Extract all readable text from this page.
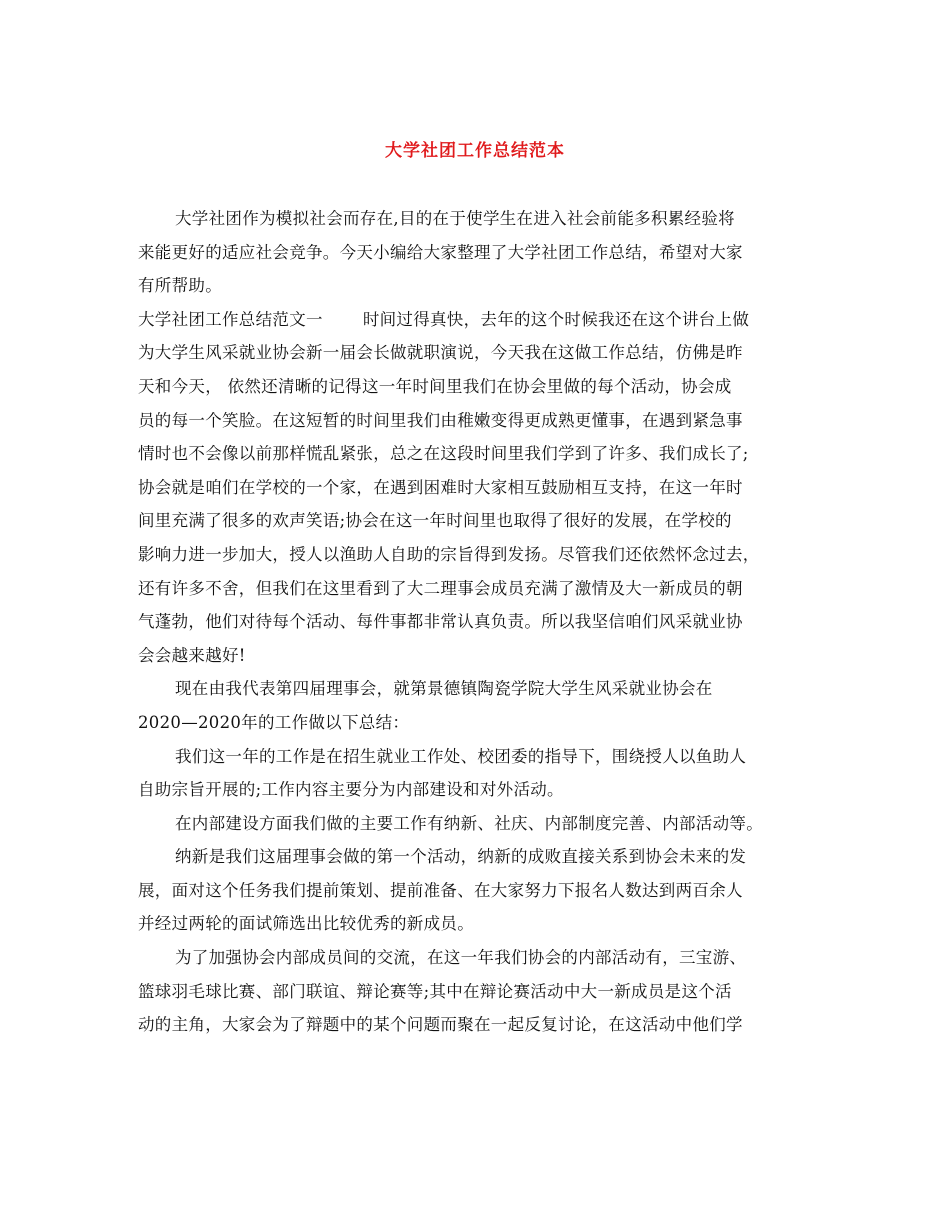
大学社团工作总结范本
大学社团作为模拟社会而存在,目的在于使学生在进入社会前能多积累经验将
来能更好的适应社会竞争。今天小编给大家整理了大学社团工作总结，希望对大家
有所帮助。
大学社团工作总结范文一 时间过得真快，去年的这个时候我还在这个讲台上做
为大学生风采就业协会新一届会长做就职演说，今天我在这做工作总结，仿佛是昨
天和今天， 依然还清晰的记得这一年时间里我们在协会里做的每个活动，协会成
员的每一个笑脸。在这短暂的时间里我们由稚嫩变得更成熟更懂事，在遇到紧急事
情时也不会像以前那样慌乱紧张，总之在这段时间里我们学到了许多、我们成长了;
协会就是咱们在学校的一个家，在遇到困难时大家相互鼓励相互支持，在这一年时
间里充满了很多的欢声笑语;协会在这一年时间里也取得了很好的发展，在学校的
影响力进一步加大，授人以渔助人自助的宗旨得到发扬。尽管我们还依然怀念过去，
还有许多不舍，但我们在这里看到了大二理事会成员充满了激情及大一新成员的朝
气蓬勃，他们对待每个活动、每件事都非常认真负责。所以我坚信咱们风采就业协
会会越来越好!
现在由我代表第四届理事会，就第景德镇陶瓷学院大学生风采就业协会在
2020—2020年的工作做以下总结：
我们这一年的工作是在招生就业工作处、校团委的指导下，围绕授人以鱼助人
自助宗旨开展的;工作内容主要分为内部建设和对外活动。
在内部建设方面我们做的主要工作有纳新、社庆、内部制度完善、内部活动等。
纳新是我们这届理事会做的第一个活动，纳新的成败直接关系到协会未来的发
展，面对这个任务我们提前策划、提前准备、在大家努力下报名人数达到两百余人
并经过两轮的面试筛选出比较优秀的新成员。
为了加强协会内部成员间的交流，在这一年我们协会的内部活动有，三宝游、
篮球羽毛球比赛、部门联谊、辩论赛等;其中在辩论赛活动中大一新成员是这个活
动的主角，大家会为了辩题中的某个问题而聚在一起反复讨论，在这活动中他们学
